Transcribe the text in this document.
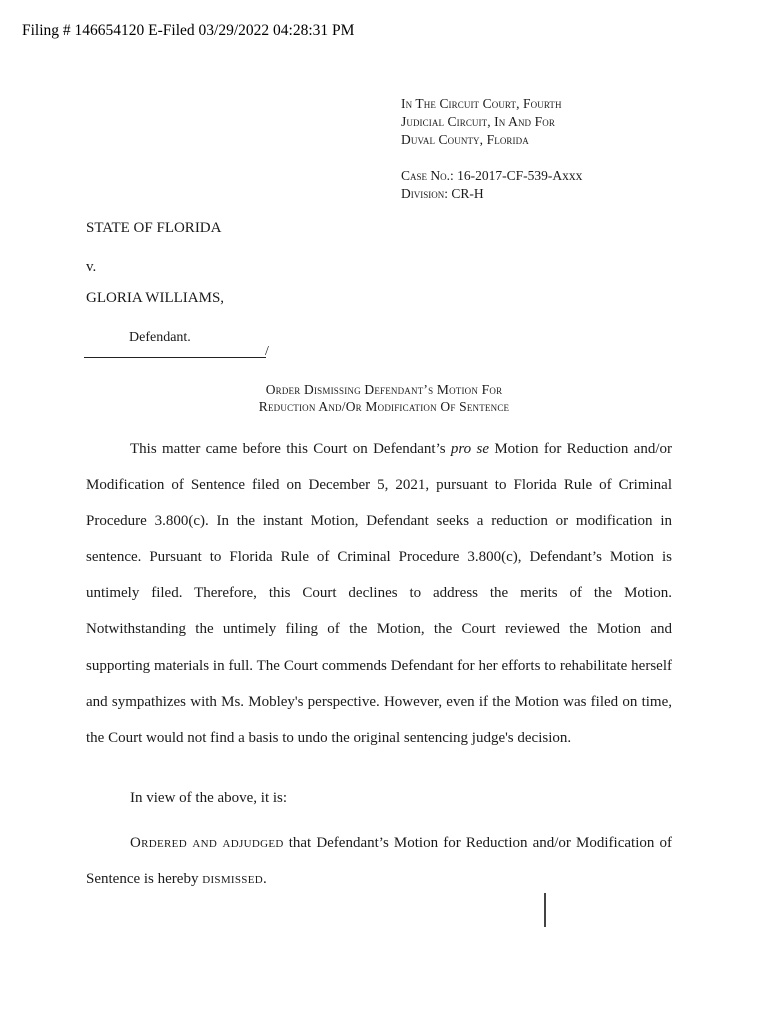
Filing # 146654120 E-Filed 03/29/2022 04:28:31 PM
In The Circuit Court, Fourth
Judicial Circuit, In And For
Duval County, Florida
Case No.: 16-2017-CF-539-Axxx
Division: CR-H
STATE OF FLORIDA
v.
GLORIA WILLIAMS,
Defendant.
/
Order Dismissing Defendant’s Motion For
Reduction And/Or Modification Of Sentence

This matter came before this Court on Defendant’s pro se Motion for Reduction and/or Modification of Sentence filed on December 5, 2021, pursuant to Florida Rule of Criminal Procedure 3.800(c). In the instant Motion, Defendant seeks a reduction or modification in sentence. Pursuant to Florida Rule of Criminal Procedure 3.800(c), Defendant’s Motion is untimely filed. Therefore, this Court declines to address the merits of the Motion. Notwithstanding the untimely filing of the Motion, the Court reviewed the Motion and supporting materials in full. The Court commends Defendant for her efforts to rehabilitate herself and sympathizes with Ms. Mobley's perspective. However, even if the Motion was filed on time, the Court would not find a basis to undo the original sentencing judge's decision.

In view of the above, it is:

Ordered and adjudged that Defendant’s Motion for Reduction and/or Modification of Sentence is hereby dismissed.
